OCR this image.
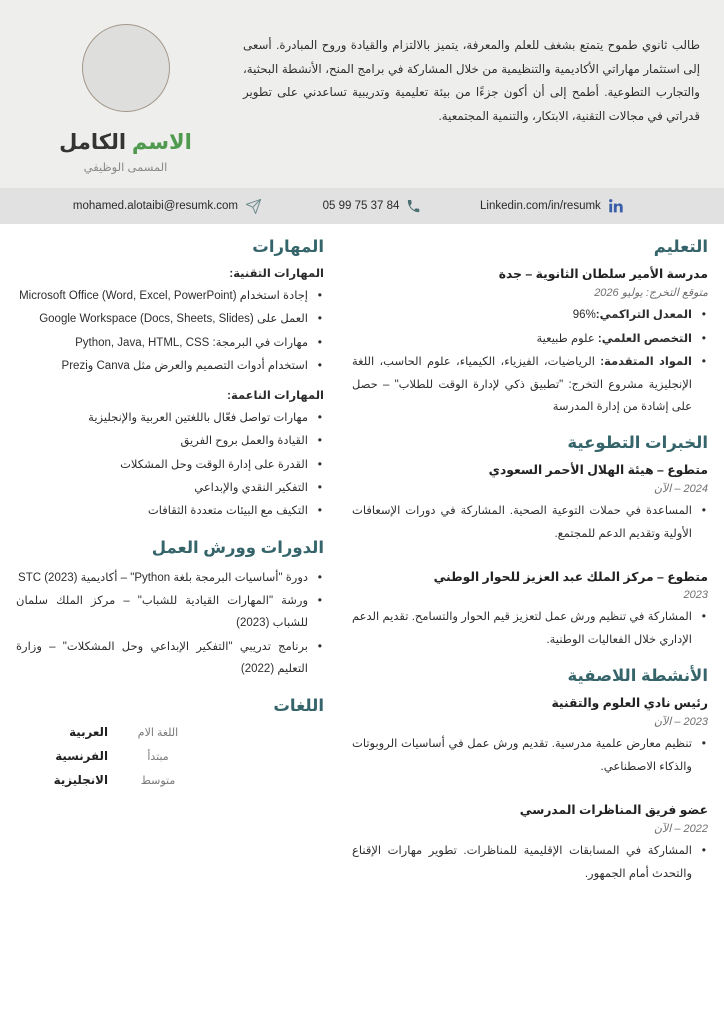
الاسم الكامل
المسمى الوظيفي
طالب ثانوي طموح يتمتع بشغف للعلم والمعرفة، يتميز بالالتزام والقيادة وروح المبادرة. أسعى إلى استثمار مهاراتي الأكاديمية والتنظيمية من خلال المشاركة في برامج المنح، الأنشطة البحثية، والتجارب التطوعية. أطمح إلى أن أكون جزءًا من بيئة تعليمية وتدريبية تساعدني على تطوير قدراتي في مجالات التقنية، الابتكار، والتنمية المجتمعية.
mohamed.alotaibi@resumk.com	05 99 75 37 84	Linkedin.com/in/resumk
التعليم
مدرسة الأمير سلطان الثانوية – جدة
متوقع التخرج: يوليو 2026
• المعدل التراكمي: 96%
• التخصص العلمي: علوم طبيعية
• المواد المتقدمة: الرياضيات، الفيزياء، الكيمياء، علوم الحاسب، اللغة الإنجليزية مشروع التخرج: "تطبيق ذكي لإدارة الوقت للطلاب" – حصل على إشادة من إدارة المدرسة
الخبرات التطوعية
متطوع – هيئة الهلال الأحمر السعودي
2024 – الآن
• المساعدة في حملات التوعية الصحية. المشاركة في دورات الإسعافات الأولية وتقديم الدعم للمجتمع.
متطوع – مركز الملك عبد العزيز للحوار الوطني
2023
• المشاركة في تنظيم ورش عمل لتعزيز قيم الحوار والتسامح. تقديم الدعم الإداري خلال الفعاليات الوطنية.
الأنشطة اللاصفية
رئيس نادي العلوم والتقنية
2023 – الآن
• تنظيم معارض علمية مدرسية. تقديم ورش عمل في أساسيات الروبوتات والذكاء الاصطناعي.
عضو فريق المناظرات المدرسي
2022 – الآن
• المشاركة في المسابقات الإقليمية للمناظرات. تطوير مهارات الإقناع والتحدث أمام الجمهور.
المهارات
المهارات التقنية:
• إجادة استخدام Microsoft Office (Word, Excel, PowerPoint)
• العمل على Google Workspace (Docs, Sheets, Slides)
• مهارات في البرمجة: Python, Java, HTML, CSS
• استخدام أدوات التصميم والعرض مثل Canva وPrezi
المهارات الناعمة:
• مهارات تواصل فعّال باللغتين العربية والإنجليزية
• القيادة والعمل بروح الفريق
• القدرة على إدارة الوقت وحل المشكلات
• التفكير النقدي والإبداعي
• التكيف مع البيئات متعددة الثقافات
الدورات وورش العمل
• دورة "أساسيات البرمجة بلغة Python" – أكاديمية STC (2023)
• ورشة "المهارات القيادية للشباب" – مركز الملك سلمان للشباب (2023)
• برنامج تدريبي "التفكير الإبداعي وحل المشكلات" – وزارة التعليم (2022)
اللغات
العربية	اللغة الام
الفرنسية	مبتدأ
الانجليزية	متوسط
